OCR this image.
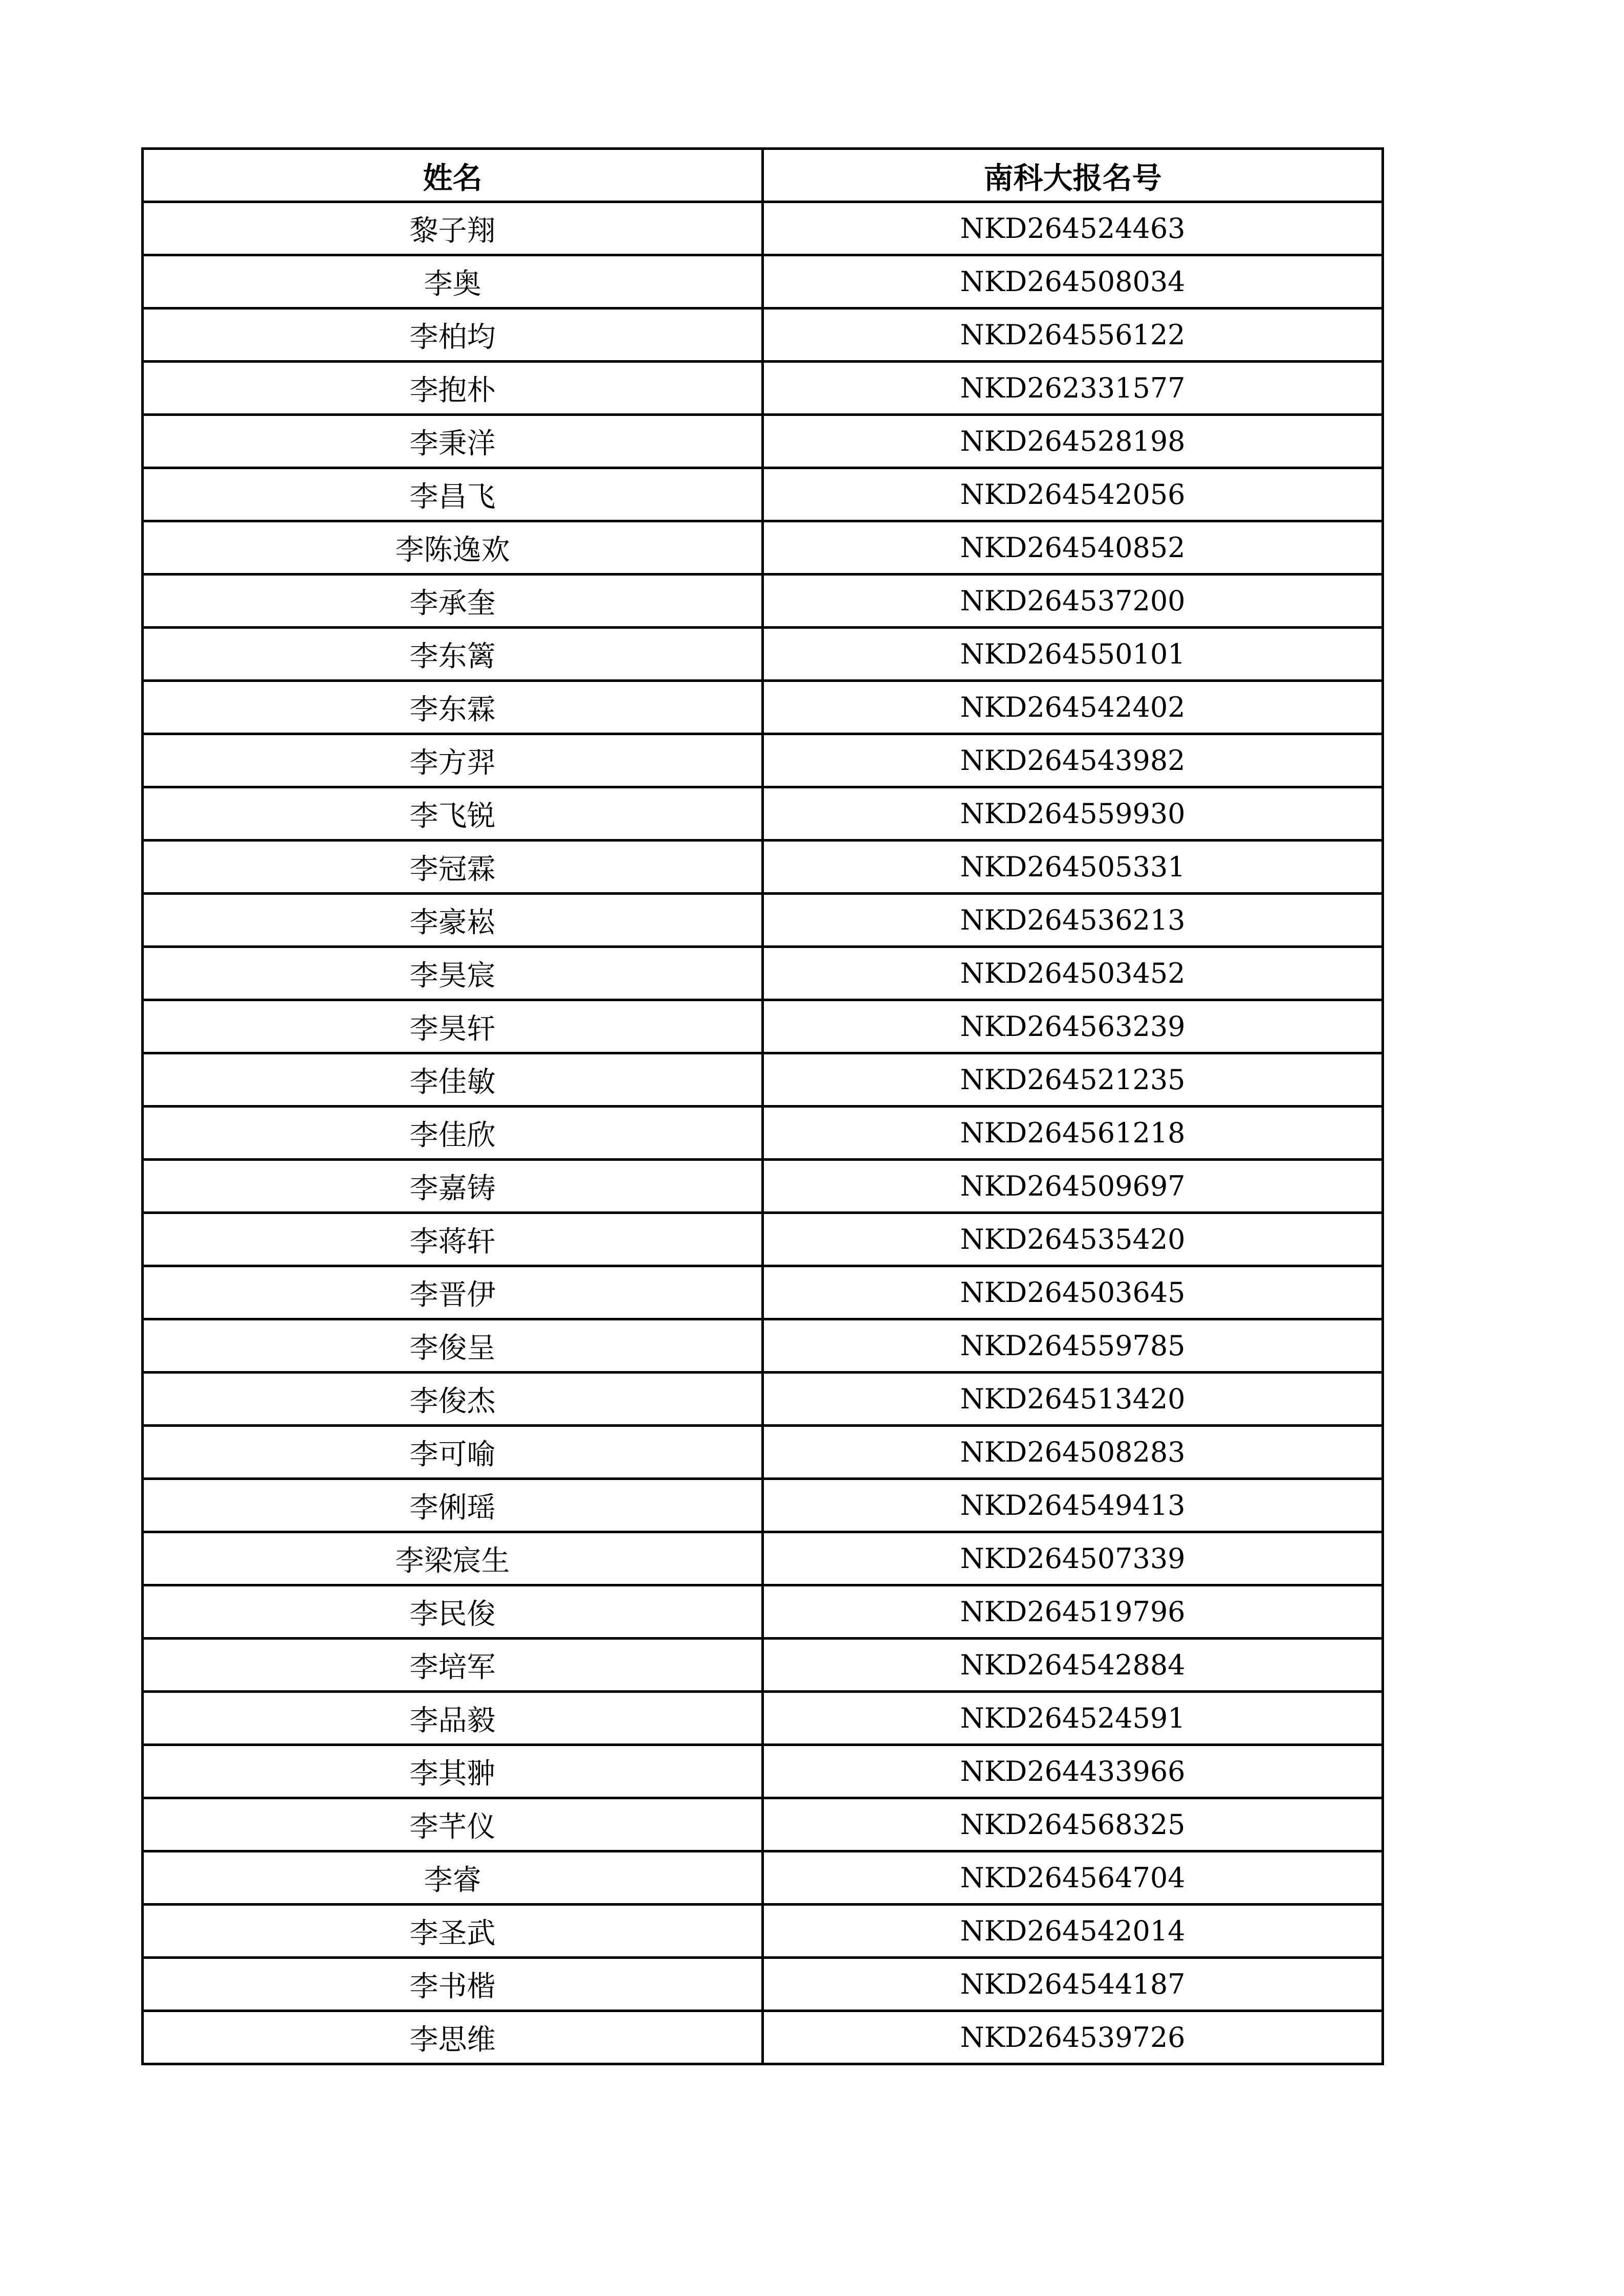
姓名	南科大报名号
黎子翔	NKD264524463
李奥	NKD264508034
李柏均	NKD264556122
李抱朴	NKD262331577
李秉洋	NKD264528198
李昌飞	NKD264542056
李陈逸欢	NKD264540852
李承奎	NKD264537200
李东篱	NKD264550101
李东霖	NKD264542402
李方羿	NKD264543982
李飞锐	NKD264559930
李冠霖	NKD264505331
李豪崧	NKD264536213
李昊宸	NKD264503452
李昊轩	NKD264563239
李佳敏	NKD264521235
李佳欣	NKD264561218
李嘉铸	NKD264509697
李蒋轩	NKD264535420
李晋伊	NKD264503645
李俊呈	NKD264559785
李俊杰	NKD264513420
李可喻	NKD264508283
李俐瑶	NKD264549413
李梁宸生	NKD264507339
李民俊	NKD264519796
李培军	NKD264542884
李品毅	NKD264524591
李其翀	NKD264433966
李芊仪	NKD264568325
李睿	NKD264564704
李圣武	NKD264542014
李书楷	NKD264544187
李思维	NKD264539726
